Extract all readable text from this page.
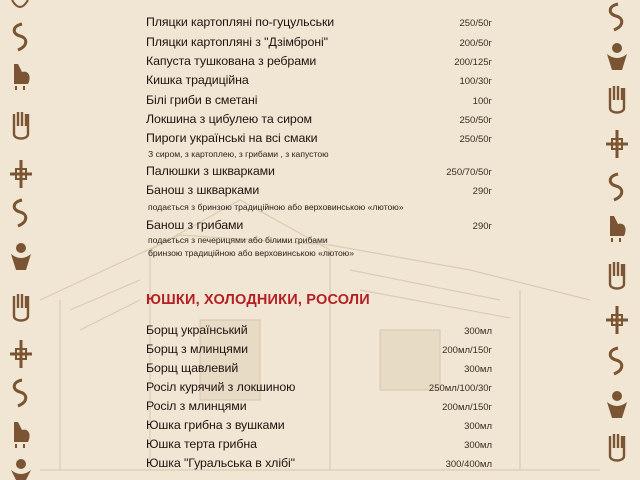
Пляцки картопляні по-гуцульськи	250/50г
Пляцки картопляні з "Дзімброні"	200/50г
Капуста тушкована з ребрами	200/125г
Кишка традиційна	100/30г
Білі гриби в сметані	100г
Локшина з цибулею та сиром	250/50г
Пироги українські на всі смаки	250/50г
З сиром, з картоплею, з грибами , з капустою
Палюшки з шкварками	250/70/50г
Банош з шкварками	290г
подається з бринзою традиційною або верховинською «лютою»
Банош з грибами	290г
подається з печерицями або білими грибами
бринзою традиційною або верховинською «лютою»
ЮШКИ, ХОЛОДНИКИ, РОСОЛИ
Борщ український	300мл
Борщ з млинцями	200мл/150г
Борщ щавлевий	300мл
Росіл курячий з локшиною	250мл/100/30г
Росіл з млинцями	200мл/150г
Юшка грибна з вушками	300мл
Юшка терта грибна	300мл
Юшка "Гуральська в хлібі"	300/400мл
